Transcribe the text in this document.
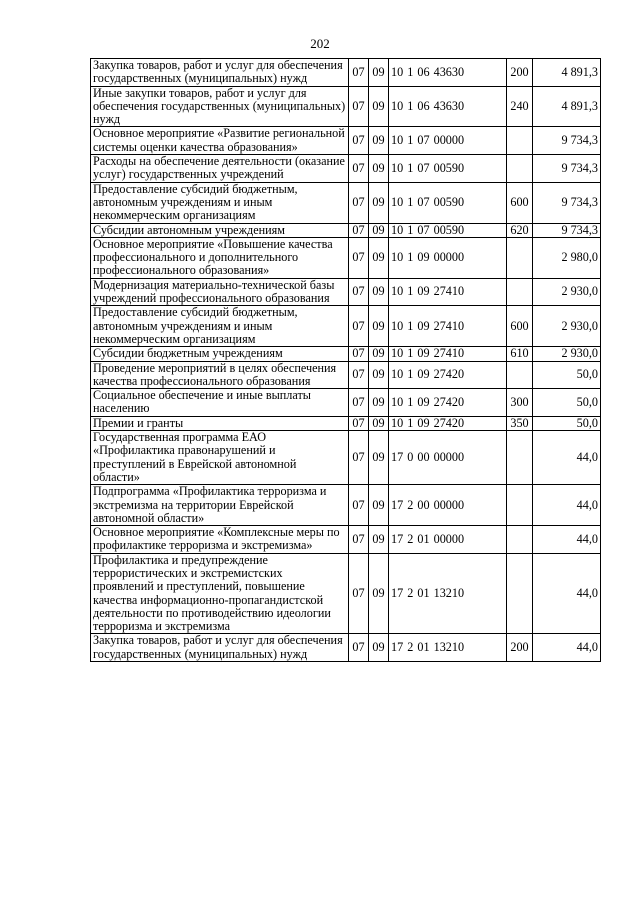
202
Закупка товаров, работ и услуг для обеспечения государственных (муниципальных) нужд	07	09	10 1 06 43630	200	4 891,3
Иные закупки товаров, работ и услуг для обеспечения государственных (муниципальных) нужд	07	09	10 1 06 43630	240	4 891,3
Основное мероприятие «Развитие региональной системы оценки качества образования»	07	09	10 1 07 00000		9 734,3
Расходы на обеспечение деятельности (оказание услуг) государственных учреждений	07	09	10 1 07 00590		9 734,3
Предоставление субсидий бюджетным, автономным учреждениям и иным некоммерческим организациям	07	09	10 1 07 00590	600	9 734,3
Субсидии автономным учреждениям	07	09	10 1 07 00590	620	9 734,3
Основное мероприятие «Повышение качества профессионального и дополнительного профессионального образования»	07	09	10 1 09 00000		2 980,0
Модернизация материально-технической базы учреждений профессионального образования	07	09	10 1 09 27410		2 930,0
Предоставление субсидий бюджетным, автономным учреждениям и иным некоммерческим организациям	07	09	10 1 09 27410	600	2 930,0
Субсидии бюджетным учреждениям	07	09	10 1 09 27410	610	2 930,0
Проведение мероприятий в целях обеспечения качества профессионального образования	07	09	10 1 09 27420		50,0
Социальное обеспечение и иные выплаты населению	07	09	10 1 09 27420	300	50,0
Премии и гранты	07	09	10 1 09 27420	350	50,0
Государственная программа ЕАО «Профилактика правонарушений и преступлений в Еврейской автономной области»	07	09	17 0 00 00000		44,0
Подпрограмма «Профилактика терроризма и экстремизма на территории Еврейской автономной области»	07	09	17 2 00 00000		44,0
Основное мероприятие «Комплексные меры по профилактике терроризма и экстремизма»	07	09	17 2 01 00000		44,0
Профилактика и предупреждение террористических и экстремистских проявлений и преступлений, повышение качества информационно-пропагандистской деятельности по противодействию идеологии терроризма и экстремизма	07	09	17 2 01 13210		44,0
Закупка товаров, работ и услуг для обеспечения государственных (муниципальных) нужд	07	09	17 2 01 13210	200	44,0
